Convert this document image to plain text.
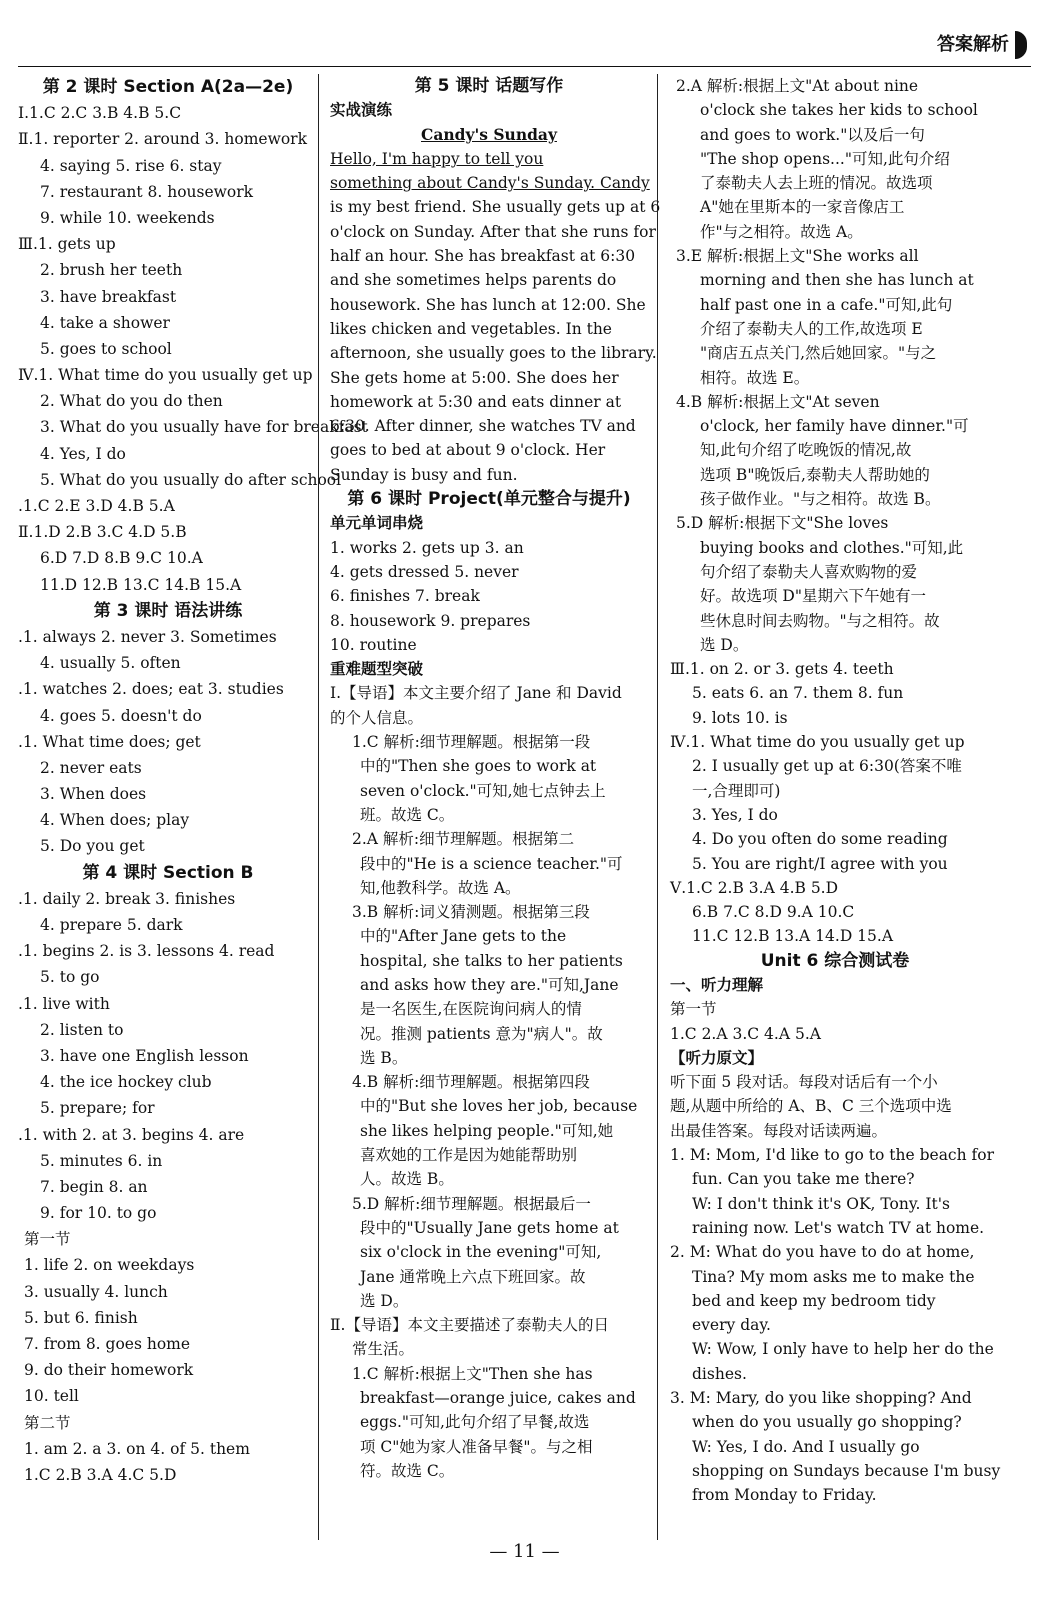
答案解析
第 2 课时 Section A(2a—2e)
Ⅰ.1.C 2.C 3.B 4.B 5.C
Ⅱ.1. reporter 2. around 3. homework
4. saying 5. rise 6. stay
7. restaurant 8. housework
9. while 10. weekends
Ⅲ.1. gets up
2. brush her teeth
3. have breakfast
4. take a shower
5. goes to school
Ⅳ.1. What time do you usually get up
2. What do you do then
3. What do you usually have for breakfast
4. Yes, I do
5. What do you usually do after school
.1.C 2.E 3.D 4.B 5.A
Ⅱ.1.D 2.B 3.C 4.D 5.B
6.D 7.D 8.B 9.C 10.A
11.D 12.B 13.C 14.B 15.A
第 3 课时 语法讲练
.1. always 2. never 3. Sometimes
4. usually 5. often
.1. watches 2. does; eat 3. studies
4. goes 5. doesn't do
.1. What time does; get
2. never eats
3. When does
4. When does; play
5. Do you get
第 4 课时 Section B
.1. daily 2. break 3. finishes
4. prepare 5. dark
.1. begins 2. is 3. lessons 4. read
5. to go
.1. live with
2. listen to
3. have one English lesson
4. the ice hockey club
5. prepare; for
.1. with 2. at 3. begins 4. are
5. minutes 6. in
7. begin 8. an
9. for 10. to go
第一节
1. life 2. on weekdays
3. usually 4. lunch
5. but 6. finish
7. from 8. goes home
9. do their homework
10. tell
第二节
1. am 2. a 3. on 4. of 5. them
1.C 2.B 3.A 4.C 5.D
第 5 课时 话题写作
实战演练
Candy's Sunday
Hello, I'm happy to tell you
something about Candy's Sunday. Candy
is my best friend. She usually gets up at 6
o'clock on Sunday. After that she runs for
half an hour. She has breakfast at 6:30
and she sometimes helps parents do
housework. She has lunch at 12:00. She
likes chicken and vegetables. In the
afternoon, she usually goes to the library.
She gets home at 5:00. She does her
homework at 5:30 and eats dinner at
6:30. After dinner, she watches TV and
goes to bed at about 9 o'clock. Her
Sunday is busy and fun.
第 6 课时 Project(单元整合与提升)
单元单词串烧
1. works 2. gets up 3. an
4. gets dressed 5. never
6. finishes 7. break
8. housework 9. prepares
10. routine
重难题型突破
Ⅰ.【导语】本文主要介绍了 Jane 和 David
的个人信息。
1.C 解析:细节理解题。根据第一段
中的"Then she goes to work at
seven o'clock."可知,她七点钟去上
班。故选 C。
2.A 解析:细节理解题。根据第二
段中的"He is a science teacher."可
知,他教科学。故选 A。
3.B 解析:词义猜测题。根据第三段
中的"After Jane gets to the
hospital, she talks to her patients
and asks how they are."可知,Jane
是一名医生,在医院询问病人的情
况。推测 patients 意为"病人"。故
选 B。
4.B 解析:细节理解题。根据第四段
中的"But she loves her job, because
she likes helping people."可知,她
喜欢她的工作是因为她能帮助别
人。故选 B。
5.D 解析:细节理解题。根据最后一
段中的"Usually Jane gets home at
six o'clock in the evening"可知,
Jane 通常晚上六点下班回家。故
选 D。
Ⅱ.【导语】本文主要描述了泰勒夫人的日
常生活。
1.C 解析:根据上文"Then she has
breakfast—orange juice, cakes and
eggs."可知,此句介绍了早餐,故选
项 C"她为家人准备早餐"。与之相
符。故选 C。
2.A 解析:根据上文"At about nine
o'clock she takes her kids to school
and goes to work."以及后一句
"The shop opens..."可知,此句介绍
了泰勒夫人去上班的情况。故选项
A"她在里斯本的一家音像店工
作"与之相符。故选 A。
3.E 解析:根据上文"She works all
morning and then she has lunch at
half past one in a cafe."可知,此句
介绍了泰勒夫人的工作,故选项 E
"商店五点关门,然后她回家。"与之
相符。故选 E。
4.B 解析:根据上文"At seven
o'clock, her family have dinner."可
知,此句介绍了吃晚饭的情况,故
选项 B"晚饭后,泰勒夫人帮助她的
孩子做作业。"与之相符。故选 B。
5.D 解析:根据下文"She loves
buying books and clothes."可知,此
句介绍了泰勒夫人喜欢购物的爱
好。故选项 D"星期六下午她有一
些休息时间去购物。"与之相符。故
选 D。
Ⅲ.1. on 2. or 3. gets 4. teeth
5. eats 6. an 7. them 8. fun
9. lots 10. is
Ⅳ.1. What time do you usually get up
2. I usually get up at 6:30(答案不唯
一,合理即可)
3. Yes, I do
4. Do you often do some reading
5. You are right/I agree with you
Ⅴ.1.C 2.B 3.A 4.B 5.D
6.B 7.C 8.D 9.A 10.C
11.C 12.B 13.A 14.D 15.A
Unit 6 综合测试卷
一、听力理解
第一节
1.C 2.A 3.C 4.A 5.A
【听力原文】
听下面 5 段对话。每段对话后有一个小
题,从题中所给的 A、B、C 三个选项中选
出最佳答案。每段对话读两遍。
1. M: Mom, I'd like to go to the beach for
fun. Can you take me there?
W: I don't think it's OK, Tony. It's
raining now. Let's watch TV at home.
2. M: What do you have to do at home,
Tina? My mom asks me to make the
bed and keep my bedroom tidy
every day.
W: Wow, I only have to help her do the
dishes.
3. M: Mary, do you like shopping? And
when do you usually go shopping?
W: Yes, I do. And I usually go
shopping on Sundays because I'm busy
from Monday to Friday.
— 11 —
